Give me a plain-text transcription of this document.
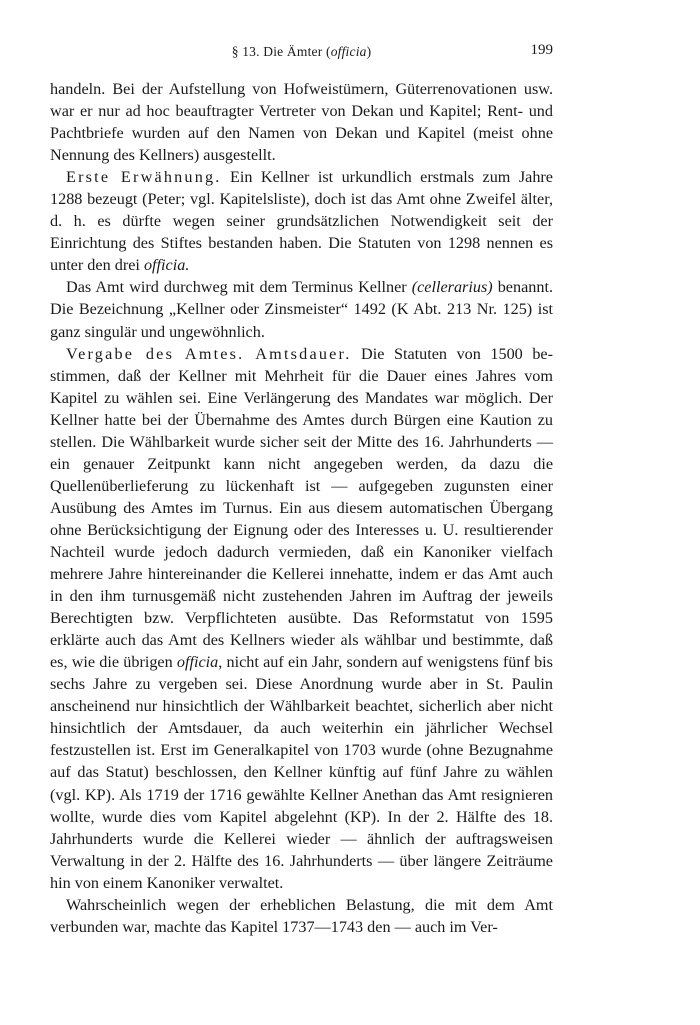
§ 13. Die Ämter (officia)	199

handeln. Bei der Aufstellung von Hofweistümern, Güterrenovationen usw. war er nur ad hoc beauftragter Vertreter von Dekan und Kapitel; Rent- und Pachtbriefe wurden auf den Namen von Dekan und Kapitel (meist ohne Nennung des Kellners) ausgestellt.

Erste Erwähnung. Ein Kellner ist urkundlich erstmals zum Jahre 1288 bezeugt (Peter; vgl. Kapitelsliste), doch ist das Amt ohne Zweifel älter, d. h. es dürfte wegen seiner grundsätzlichen Notwendigkeit seit der Einrichtung des Stiftes bestanden haben. Die Statuten von 1298 nennen es unter den drei officia.

Das Amt wird durchweg mit dem Terminus Kellner (cellerarius) benannt. Die Bezeichnung „Kellner oder Zinsmeister“ 1492 (K Abt. 213 Nr. 125) ist ganz singulär und ungewöhnlich.

Vergabe des Amtes. Amtsdauer. Die Statuten von 1500 bestimmen, daß der Kellner mit Mehrheit für die Dauer eines Jahres vom Kapitel zu wählen sei. Eine Verlängerung des Mandates war möglich. Der Kellner hatte bei der Übernahme des Amtes durch Bürgen eine Kaution zu stellen. Die Wählbarkeit wurde sicher seit der Mitte des 16. Jahrhunderts — ein genauer Zeitpunkt kann nicht angegeben werden, da dazu die Quellenüberlieferung zu lückenhaft ist — aufgegeben zugunsten einer Ausübung des Amtes im Turnus. Ein aus diesem automatischen Übergang ohne Berücksichtigung der Eignung oder des Interesses u. U. resultierender Nachteil wurde jedoch dadurch vermieden, daß ein Kanoniker vielfach mehrere Jahre hintereinander die Kellerei innehatte, indem er das Amt auch in den ihm turnusgemäß nicht zustehenden Jahren im Auftrag der jeweils Berechtigten bzw. Verpflichteten ausübte. Das Reformstatut von 1595 erklärte auch das Amt des Kellners wieder als wählbar und bestimmte, daß es, wie die übrigen officia, nicht auf ein Jahr, sondern auf wenigstens fünf bis sechs Jahre zu vergeben sei. Diese Anordnung wurde aber in St. Paulin anscheinend nur hinsichtlich der Wählbarkeit beachtet, sicherlich aber nicht hinsichtlich der Amtsdauer, da auch weiterhin ein jährlicher Wechsel festzustellen ist. Erst im Generalkapitel von 1703 wurde (ohne Bezugnahme auf das Statut) beschlossen, den Kellner künftig auf fünf Jahre zu wählen (vgl. KP). Als 1719 der 1716 gewählte Kellner Anethan das Amt resignieren wollte, wurde dies vom Kapitel abgelehnt (KP). In der 2. Hälfte des 18. Jahrhunderts wurde die Kellerei wieder — ähnlich der auftragsweisen Verwaltung in der 2. Hälfte des 16. Jahrhunderts — über längere Zeiträume hin von einem Kanoniker verwaltet.

Wahrscheinlich wegen der erheblichen Belastung, die mit dem Amt verbunden war, machte das Kapitel 1737—1743 den — auch im Ver-
